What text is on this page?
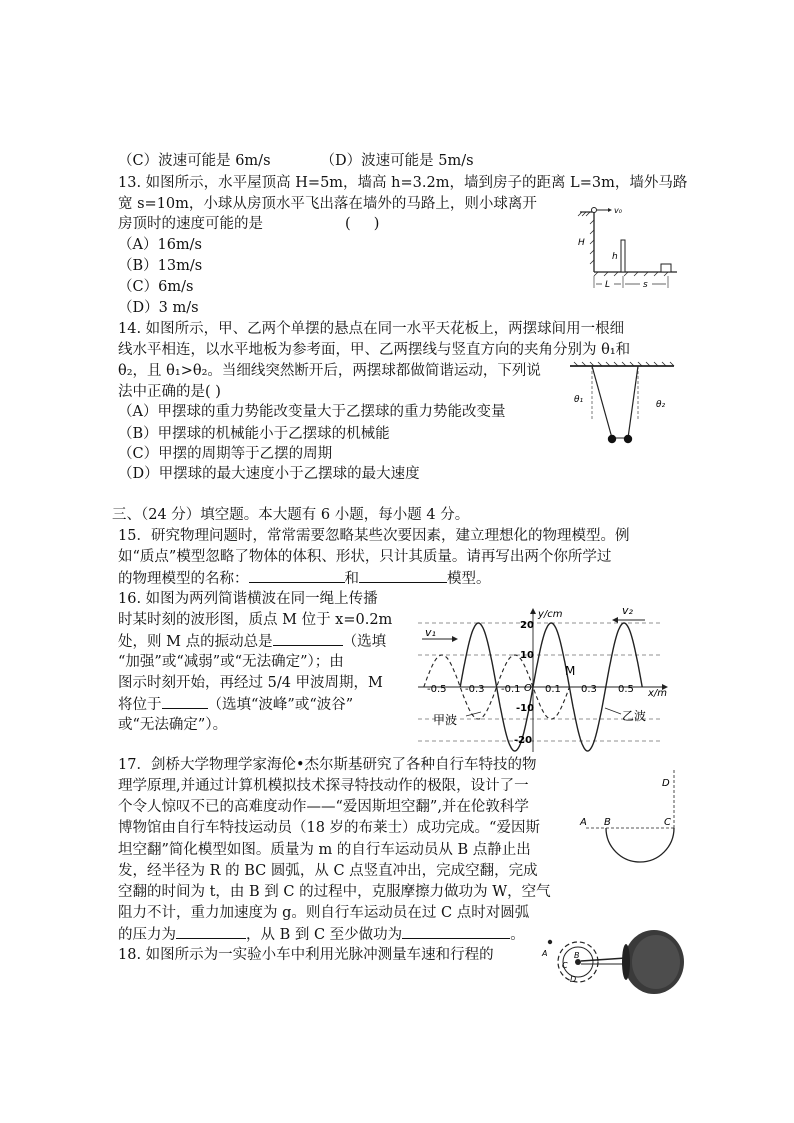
（C）波速可能是 6m/s	（D）波速可能是 5m/s
13. 如图所示，水平屋顶高 H=5m，墙高 h=3.2m，墙到房子的距离 L=3m，墙外马路
宽 s=10m，小球从房顶水平飞出落在墙外的马路上，则小球离开
房顶时的速度可能的是	(     )
（A）16m/s
（B）13m/s
（C）6m/s
（D）3 m/s
v₀
H
h
L	s
14. 如图所示，甲、乙两个单摆的悬点在同一水平天花板上，两摆球间用一根细
线水平相连，以水平地板为参考面，甲、乙两摆线与竖直方向的夹角分别为 θ₁和
θ₂，且 θ₁>θ₂。当细线突然断开后，两摆球都做简谐运动，下列说
法中正确的是( )
（A）甲摆球的重力势能改变量大于乙摆球的重力势能改变量
（B）甲摆球的机械能小于乙摆球的机械能
（C）甲摆的周期等于乙摆的周期
（D）甲摆球的最大速度小于乙摆球的最大速度
θ₁	θ₂
三、（24 分）填空题。本大题有 6 小题，每小题 4 分。
15．研究物理问题时，常常需要忽略某些次要因素，建立理想化的物理模型。例
如“质点”模型忽略了物体的体积、形状，只计其质量。请再写出两个你所学过
的物理模型的名称：	和	模型。
16. 如图为两列简谐横波在同一绳上传播
时某时刻的波形图，质点 M 位于 x=0.2m
处，则 M 点的振动总是	（选填
“加强”或“减弱”或“无法确定”）；由
图示时刻开始，再经过 5/4 甲波周期，M
将位于	（选填“波峰”或“波谷”
或“无法确定”）。
y/cm
x/m
20
10
-10
-20
-0.5 -0.3 -0.1 0.1 0.3 0.5
O
M
v₁
v₂
甲波	乙波
17．剑桥大学物理学家海伦•杰尔斯基研究了各种自行车特技的物
理学原理,并通过计算机模拟技术探寻特技动作的极限，设计了一
个令人惊叹不已的高难度动作——“爱因斯坦空翻”,并在伦敦科学
博物馆由自行车特技运动员（18 岁的布莱士）成功完成。“爱因斯
坦空翻”简化模型如图。质量为 m 的自行车运动员从 B 点静止出
发，经半径为 R 的 BC 圆弧，从 C 点竖直冲出，完成空翻，完成
空翻的时间为 t，由 B 到 C 的过程中，克服摩擦力做功为 W，空气
阻力不计，重力加速度为 g。则自行车运动员在过 C 点时对圆弧
的压力为	，从 B 到 C 至少做功为	。
D
A B	C
18. 如图所示为一实验小车中利用光脉冲测量车速和行程的	A	B
C
D
